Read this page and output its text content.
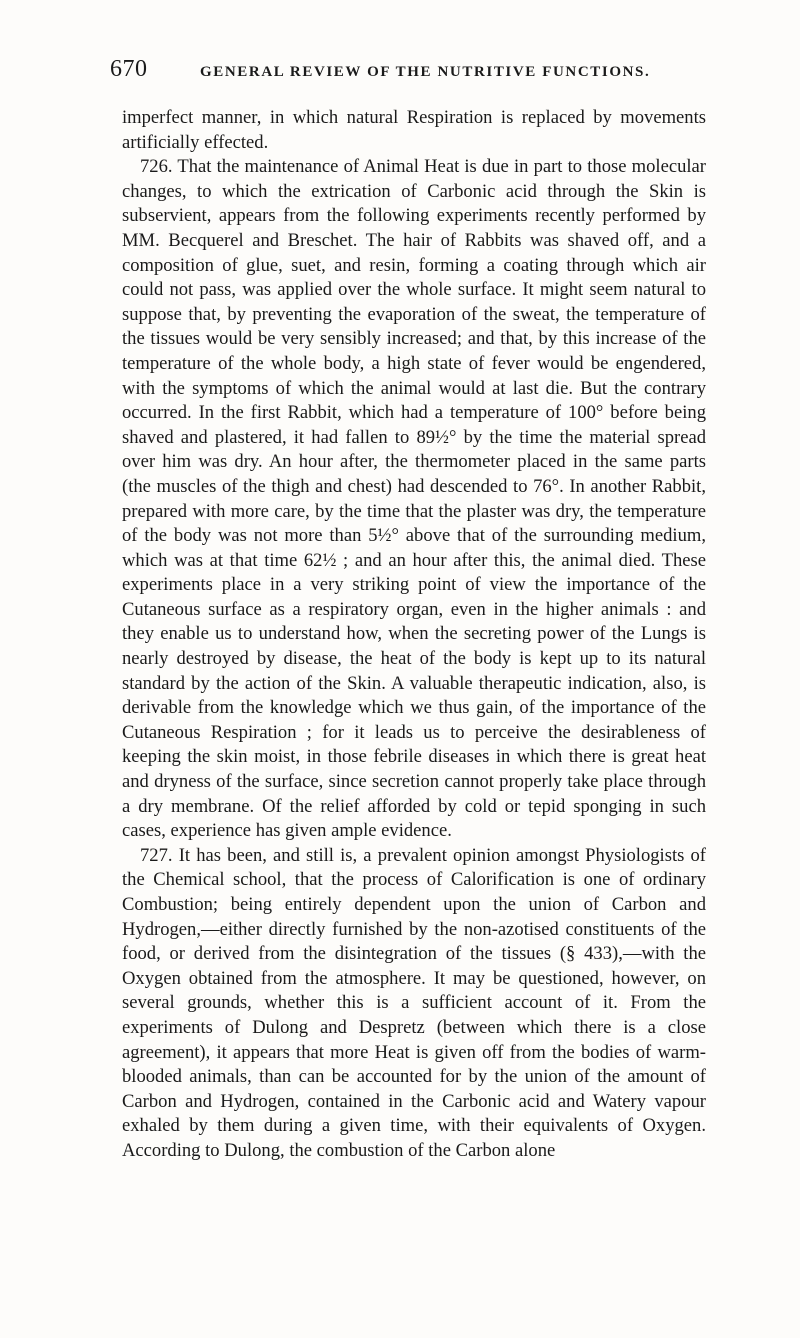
670	GENERAL REVIEW OF THE NUTRITIVE FUNCTIONS.

imperfect manner, in which natural Respiration is replaced by movements artificially effected.

726. That the maintenance of Animal Heat is due in part to those molecular changes, to which the extrication of Carbonic acid through the Skin is subservient, appears from the following experiments recently performed by MM. Becquerel and Breschet. The hair of Rabbits was shaved off, and a composition of glue, suet, and resin, forming a coating through which air could not pass, was applied over the whole surface. It might seem natural to suppose that, by preventing the evaporation of the sweat, the temperature of the tissues would be very sensibly increased; and that, by this increase of the temperature of the whole body, a high state of fever would be engendered, with the symptoms of which the animal would at last die. But the contrary occurred. In the first Rabbit, which had a temperature of 100° before being shaved and plastered, it had fallen to 89½° by the time the material spread over him was dry. An hour after, the thermometer placed in the same parts (the muscles of the thigh and chest) had descended to 76°. In another Rabbit, prepared with more care, by the time that the plaster was dry, the temperature of the body was not more than 5½° above that of the surrounding medium, which was at that time 62½ ; and an hour after this, the animal died. These experiments place in a very striking point of view the importance of the Cutaneous surface as a respiratory organ, even in the higher animals : and they enable us to understand how, when the secreting power of the Lungs is nearly destroyed by disease, the heat of the body is kept up to its natural standard by the action of the Skin. A valuable therapeutic indication, also, is derivable from the knowledge which we thus gain, of the importance of the Cutaneous Respiration ; for it leads us to perceive the desirableness of keeping the skin moist, in those febrile diseases in which there is great heat and dryness of the surface, since secretion cannot properly take place through a dry membrane. Of the relief afforded by cold or tepid sponging in such cases, experience has given ample evidence.

727. It has been, and still is, a prevalent opinion amongst Physiologists of the Chemical school, that the process of Calorification is one of ordinary Combustion; being entirely dependent upon the union of Carbon and Hydrogen,—either directly furnished by the non-azotised constituents of the food, or derived from the disintegration of the tissues (§ 433),—with the Oxygen obtained from the atmosphere. It may be questioned, however, on several grounds, whether this is a sufficient account of it. From the experiments of Dulong and Despretz (between which there is a close agreement), it appears that more Heat is given off from the bodies of warm-blooded animals, than can be accounted for by the union of the amount of Carbon and Hydrogen, contained in the Carbonic acid and Watery vapour exhaled by them during a given time, with their equivalents of Oxygen. According to Dulong, the combustion of the Carbon alone
